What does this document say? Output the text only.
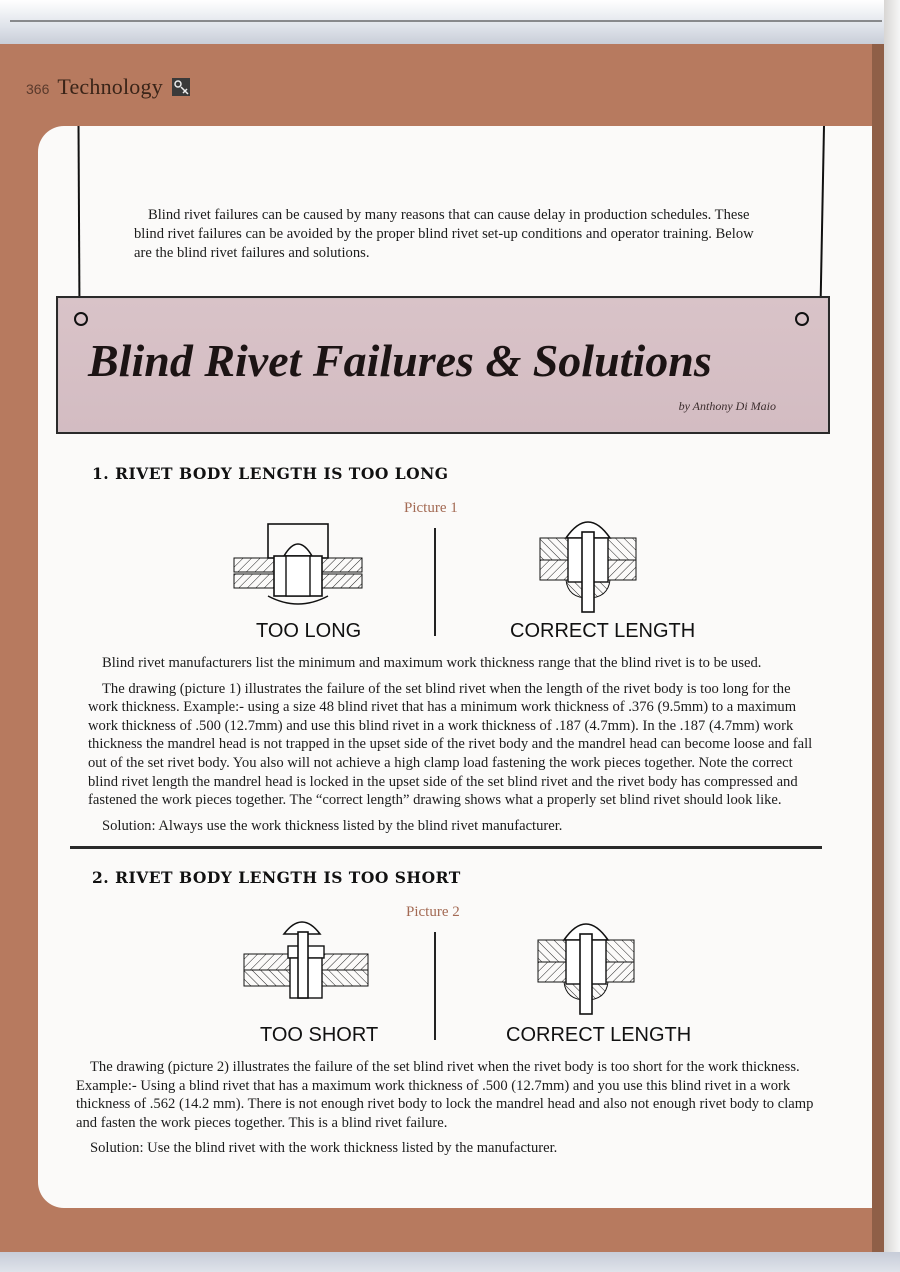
366 Technology

Blind rivet failures can be caused by many reasons that can cause delay in production schedules. These blind rivet failures can be avoided by the proper blind rivet set-up conditions and operator training. Below are the blind rivet failures and solutions.

Blind Rivet Failures & Solutions
by Anthony Di Maio
1. RIVET BODY LENGTH IS TOO LONG
Picture 1
TOO LONG	CORRECT LENGTH

Blind rivet manufacturers list the minimum and maximum work thickness range that the blind rivet is to be used.

The drawing (picture 1) illustrates the failure of the set blind rivet when the length of the rivet body is too long for the work thickness. Example:- using a size 48 blind rivet that has a minimum work thickness of .376 (9.5mm) to a maximum work thickness of .500 (12.7mm) and use this blind rivet in a work thickness of .187 (4.7mm). In the .187 (4.7mm) work thickness the mandrel head is not trapped in the upset side of the rivet body and the mandrel head can become loose and fall out of the set rivet body. You also will not achieve a high clamp load fastening the work pieces together. Note the correct blind rivet length the mandrel head is locked in the upset side of the set blind rivet and the rivet body has compressed and fastened the work pieces together. The “correct length” drawing shows what a properly set blind rivet should look like.

Solution: Always use the work thickness listed by the blind rivet manufacturer.

2. RIVET BODY LENGTH IS TOO SHORT
Picture 2
TOO SHORT	CORRECT LENGTH

The drawing (picture 2) illustrates the failure of the set blind rivet when the rivet body is too short for the work thickness. Example:- Using a blind rivet that has a maximum work thickness of .500 (12.7mm) and you use this blind rivet in a work thickness of .562 (14.2 mm). There is not enough rivet body to lock the mandrel head and also not enough rivet body to clamp and fasten the work pieces together. This is a blind rivet failure.

Solution: Use the blind rivet with the work thickness listed by the manufacturer.
